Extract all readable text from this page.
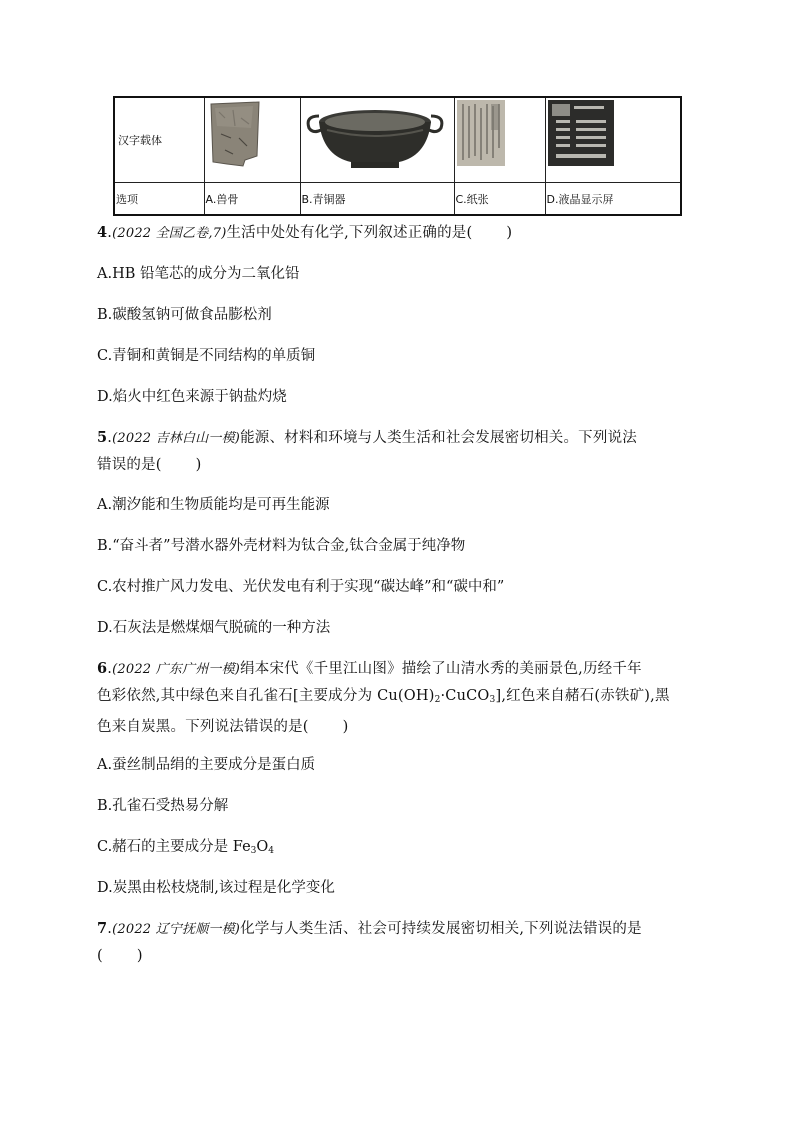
汉字载体	

选项	A.兽骨	B.青铜器	C.纸张	D.液晶显示屏
4.(2022 全国乙卷,7)生活中处处有化学,下列叙述正确的是( )
A.HB 铅笔芯的成分为二氧化铅
B.碳酸氢钠可做食品膨松剂
C.青铜和黄铜是不同结构的单质铜
D.焰火中红色来源于钠盐灼烧
5.(2022 吉林白山一模)能源、材料和环境与人类生活和社会发展密切相关。下列说法
错误的是( )
A.潮汐能和生物质能均是可再生能源
B.“奋斗者”号潜水器外壳材料为钛合金,钛合金属于纯净物
C.农村推广风力发电、光伏发电有利于实现“碳达峰”和“碳中和”
D.石灰法是燃煤烟气脱硫的一种方法
6.(2022 广东广州一模)绢本宋代《千里江山图》描绘了山清水秀的美丽景色,历经千年
色彩依然,其中绿色来自孔雀石[主要成分为 $Cu(OH)_2\cdot CuCO_3$],红色来自赭石(赤铁矿),黑
色来自炭黑。下列说法错误的是( )
A.蚕丝制品绢的主要成分是蛋白质
B.孔雀石受热易分解
C.赭石的主要成分是 $Fe_3O_4$
D.炭黑由松枝烧制,该过程是化学变化
7.(2022 辽宁抚顺一模)化学与人类生活、社会可持续发展密切相关,下列说法错误的是
( )
